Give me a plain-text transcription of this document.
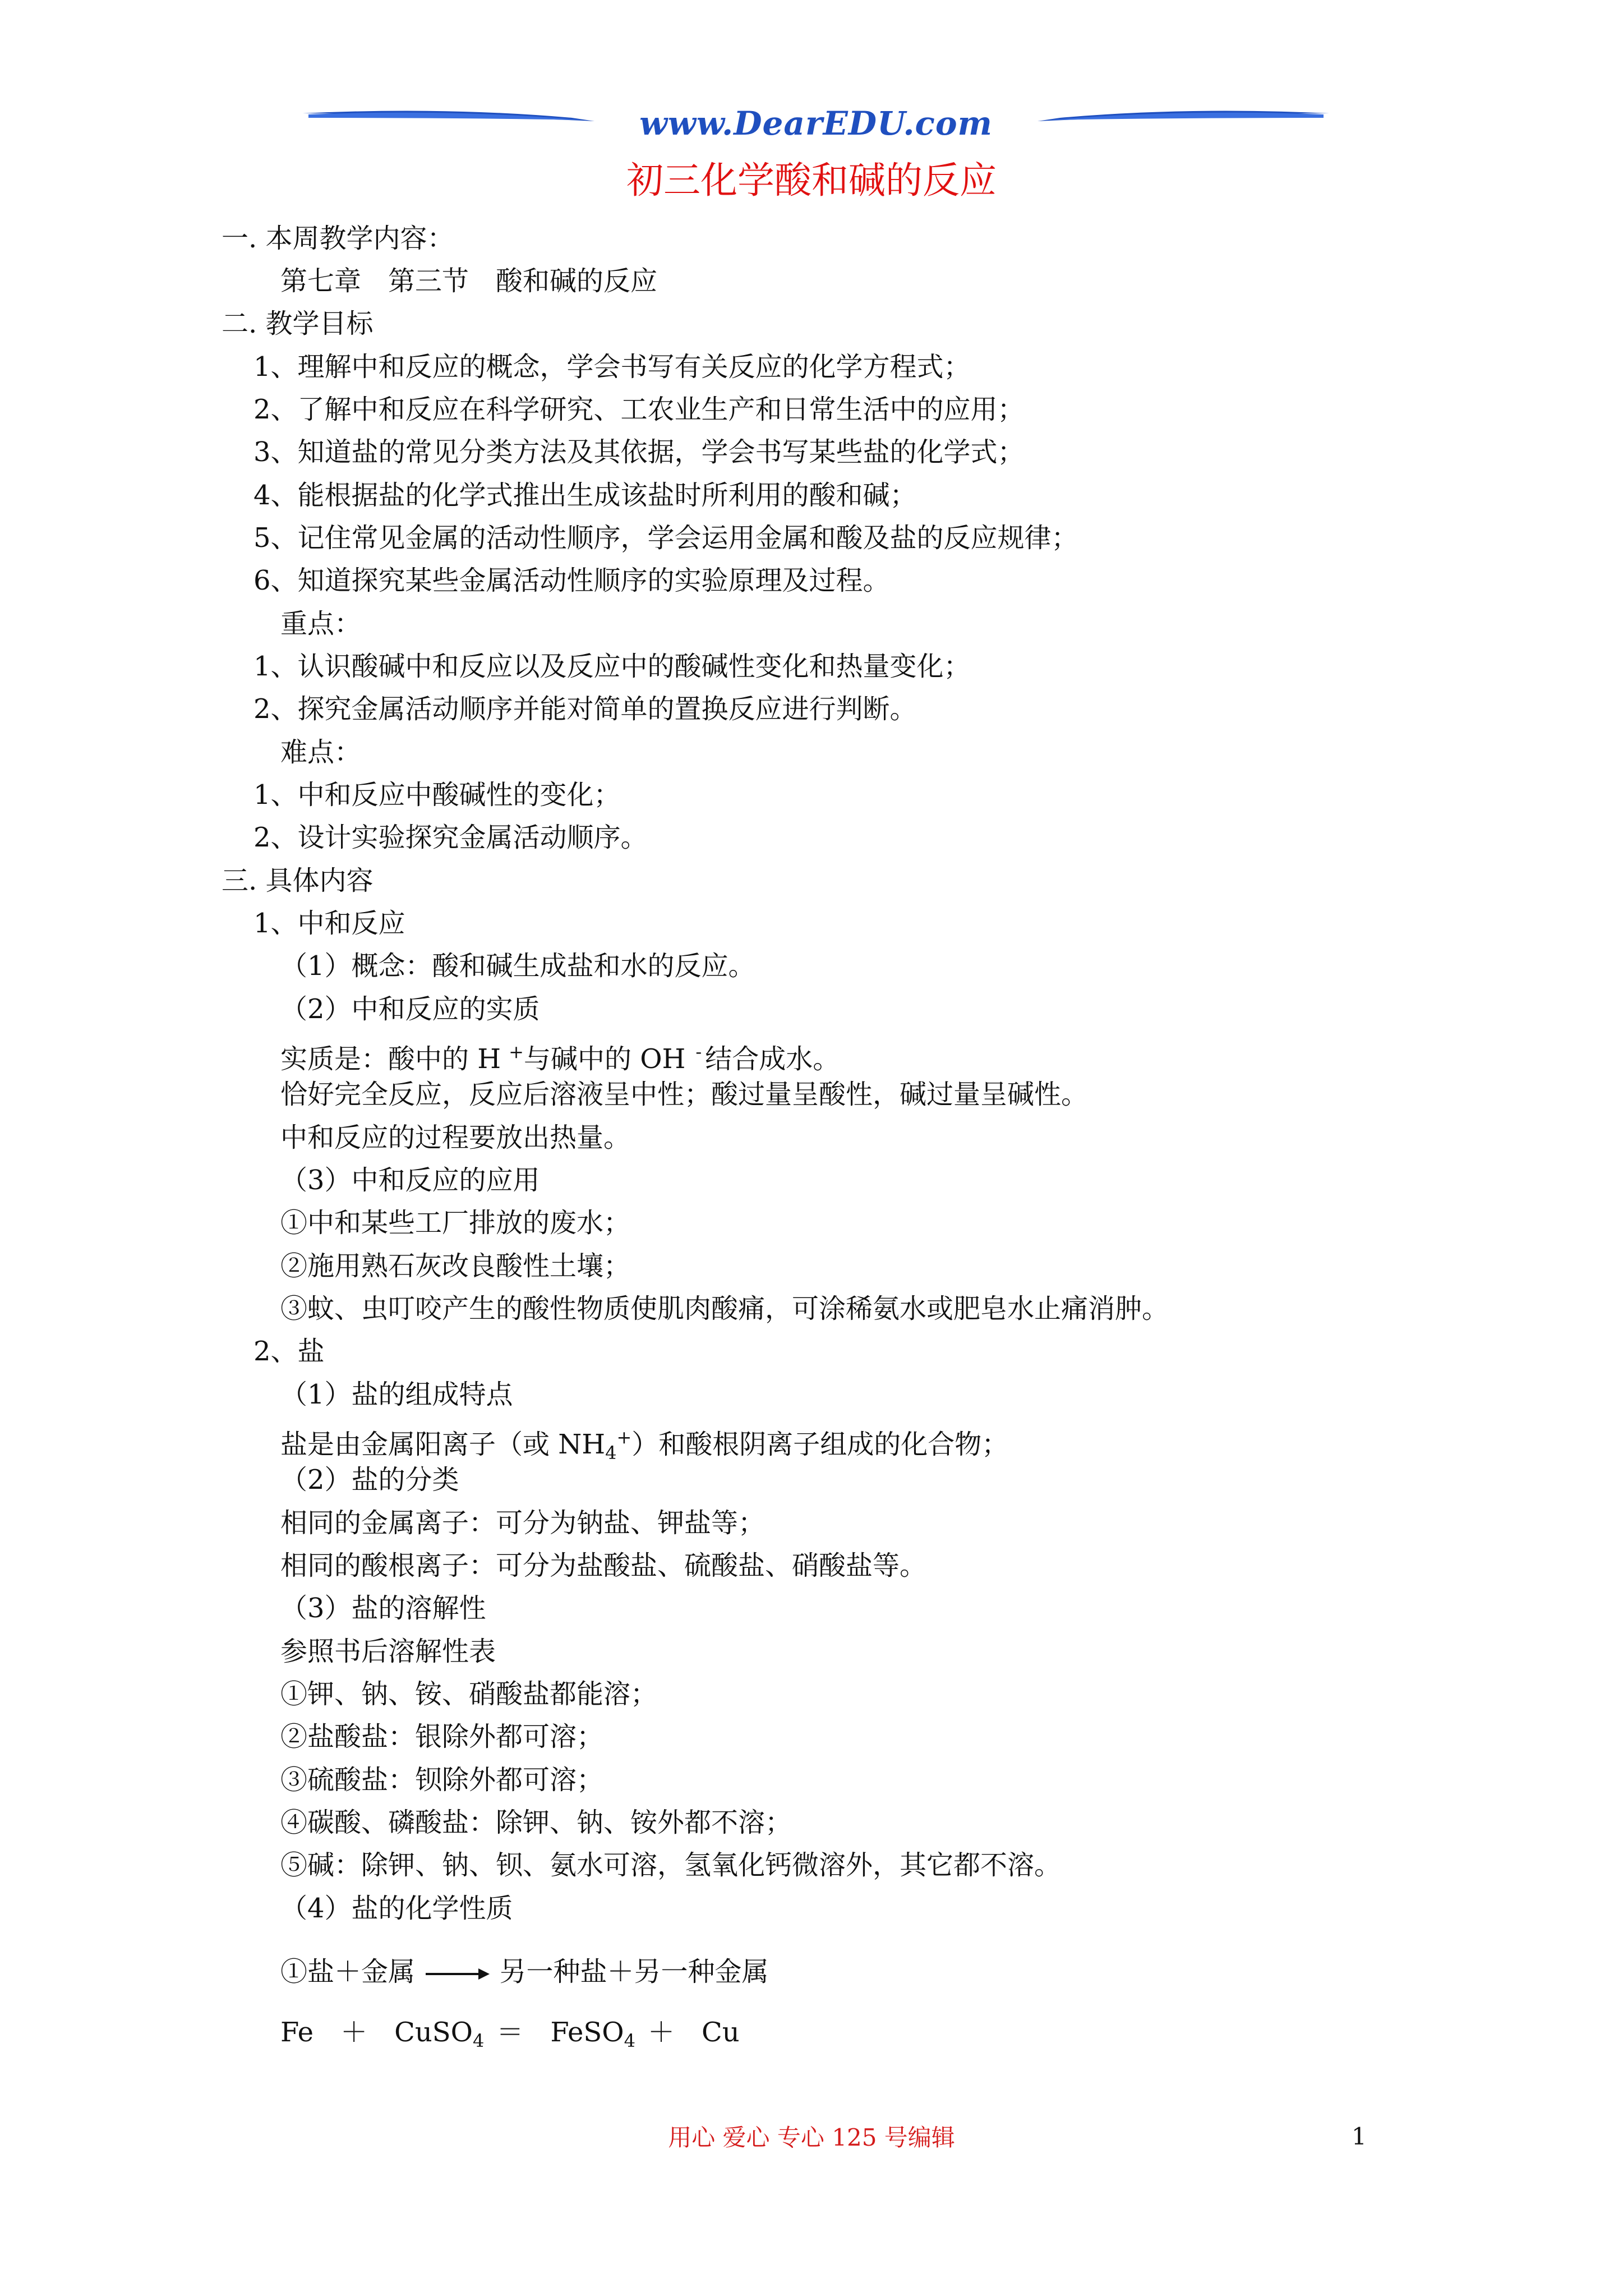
www.DearEDU.com
初三化学酸和碱的反应
一. 本周教学内容：
第七章　第三节　酸和碱的反应
二. 教学目标
1、理解中和反应的概念，学会书写有关反应的化学方程式；
2、了解中和反应在科学研究、工农业生产和日常生活中的应用；
3、知道盐的常见分类方法及其依据，学会书写某些盐的化学式；
4、能根据盐的化学式推出生成该盐时所利用的酸和碱；
5、记住常见金属的活动性顺序，学会运用金属和酸及盐的反应规律；
6、知道探究某些金属活动性顺序的实验原理及过程。
重点：
1、认识酸碱中和反应以及反应中的酸碱性变化和热量变化；
2、探究金属活动顺序并能对简单的置换反应进行判断。
难点：
1、中和反应中酸碱性的变化；
2、设计实验探究金属活动顺序。
三. 具体内容
1、中和反应
（1）概念：酸和碱生成盐和水的反应。
（2）中和反应的实质
实质是：酸中的 H +与碱中的 OH - 结合成水。
恰好完全反应，反应后溶液呈中性；酸过量呈酸性，碱过量呈碱性。
中和反应的过程要放出热量。
（3）中和反应的应用
①中和某些工厂排放的废水；
②施用熟石灰改良酸性土壤；
③蚊、虫叮咬产生的酸性物质使肌肉酸痛，可涂稀氨水或肥皂水止痛消肿。
2、盐
（1）盐的组成特点
盐是由金属阳离子（或 $NH_4^+$）和酸根阴离子组成的化合物；
（2）盐的分类
相同的金属离子：可分为钠盐、钾盐等；
相同的酸根离子：可分为盐酸盐、硫酸盐、硝酸盐等。
（3）盐的溶解性
参照书后溶解性表
①钾、钠、铵、硝酸盐都能溶；
②盐酸盐：银除外都可溶；
③硫酸盐：钡除外都可溶；
④碳酸、磷酸盐：除钾、钠、铵外都不溶；
⑤碱：除钾、钠、钡、氨水可溶，氢氧化钙微溶外，其它都不溶。
（4）盐的化学性质
①盐＋金属 → 另一种盐＋另一种金属
Fe　＋　CuSO$_4$ ＝　FeSO$_4$ ＋　Cu
用心 爱心 专心 125 号编辑	1
